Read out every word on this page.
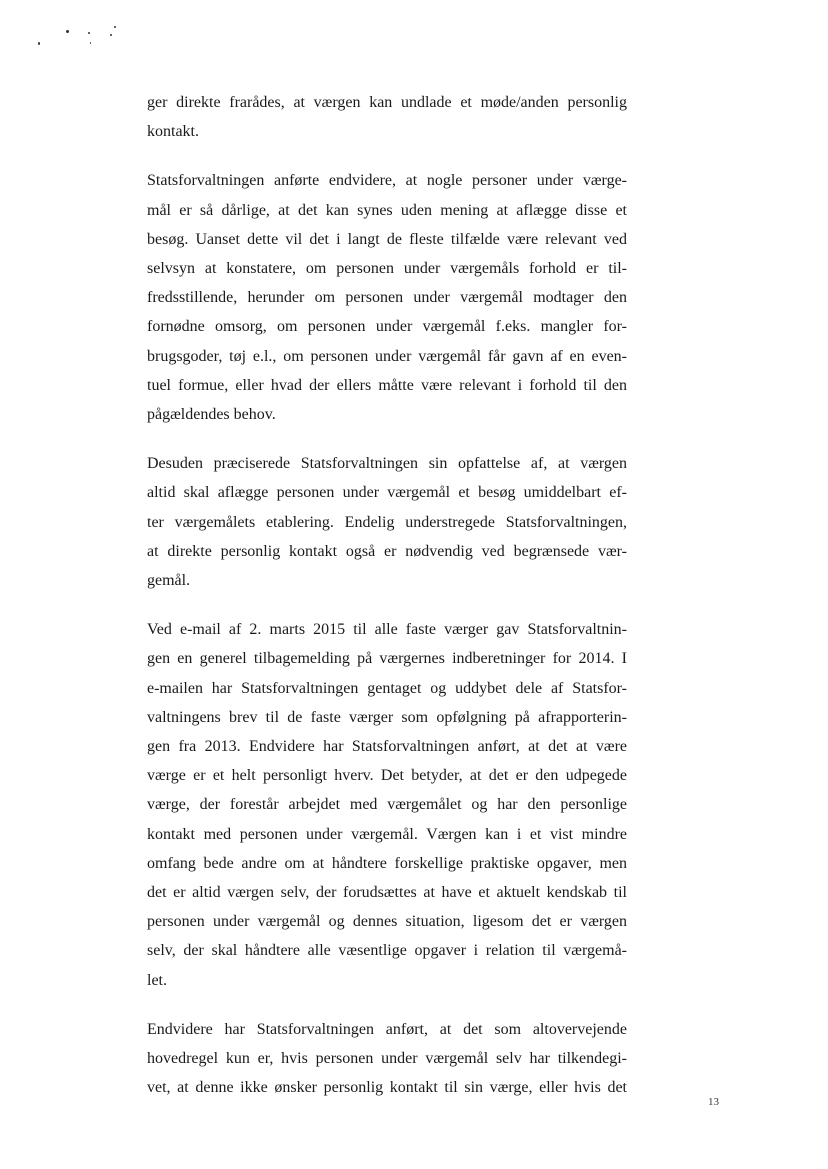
ger direkte frarådes, at værgen kan undlade et møde/anden personlig
kontakt.

Statsforvaltningen anførte endvidere, at nogle personer under værge-
mål er så dårlige, at det kan synes uden mening at aflægge disse et
besøg. Uanset dette vil det i langt de fleste tilfælde være relevant ved
selvsyn at konstatere, om personen under værgemåls forhold er til-
fredsstillende, herunder om personen under værgemål modtager den
fornødne omsorg, om personen under værgemål f.eks. mangler for-
brugsgoder, tøj e.l., om personen under værgemål får gavn af en even-
tuel formue, eller hvad der ellers måtte være relevant i forhold til den
pågældendes behov.

Desuden præciserede Statsforvaltningen sin opfattelse af, at værgen
altid skal aflægge personen under værgemål et besøg umiddelbart ef-
ter værgemålets etablering. Endelig understregede Statsforvaltningen,
at direkte personlig kontakt også er nødvendig ved begrænsede vær-
gemål.

Ved e-mail af 2. marts 2015 til alle faste værger gav Statsforvaltnin-
gen en generel tilbagemelding på værgernes indberetninger for 2014. I
e-mailen har Statsforvaltningen gentaget og uddybet dele af Statsfor-
valtningens brev til de faste værger som opfølgning på afrapporterin-
gen fra 2013. Endvidere har Statsforvaltningen anført, at det at være
værge er et helt personligt hverv. Det betyder, at det er den udpegede
værge, der forestår arbejdet med værgemålet og har den personlige
kontakt med personen under værgemål. Værgen kan i et vist mindre
omfang bede andre om at håndtere forskellige praktiske opgaver, men
det er altid værgen selv, der forudsættes at have et aktuelt kendskab til
personen under værgemål og dennes situation, ligesom det er værgen
selv, der skal håndtere alle væsentlige opgaver i relation til værgemå-
let.

Endvidere har Statsforvaltningen anført, at det som altovervejende
hovedregel kun er, hvis personen under værgemål selv har tilkendegi-
vet, at denne ikke ønsker personlig kontakt til sin værge, eller hvis det

13
